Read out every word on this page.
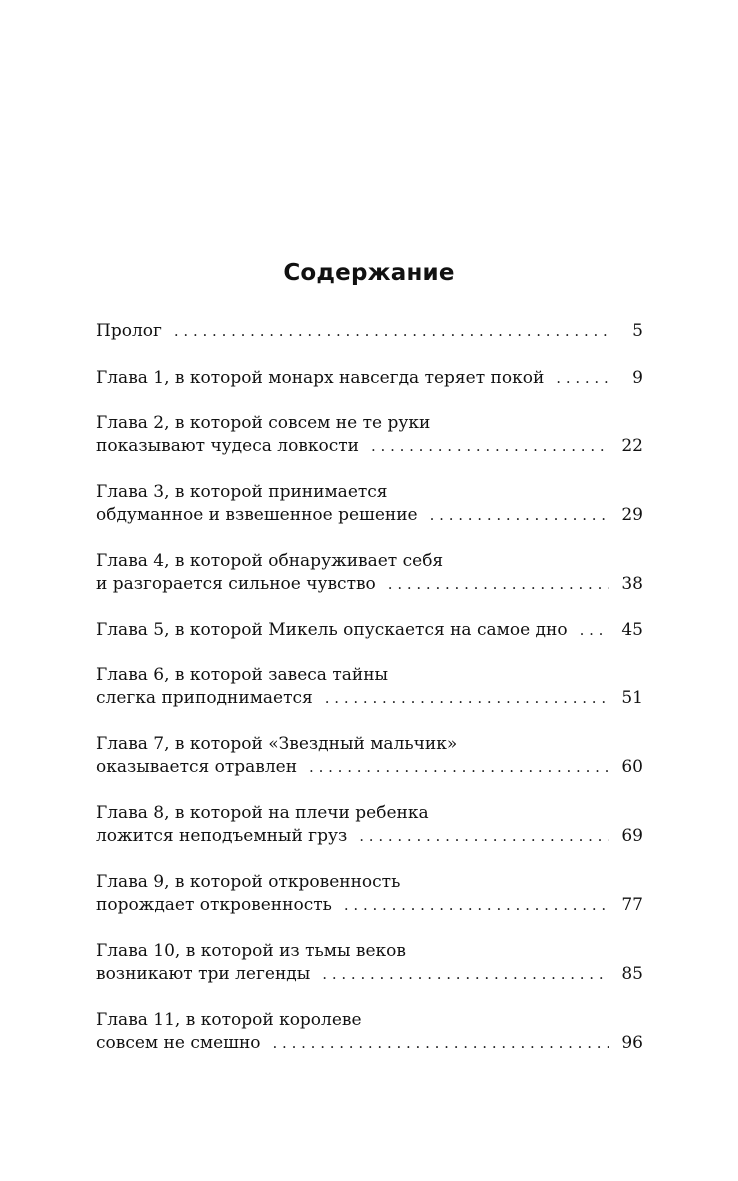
Содержание
Пролог . . .	5
Глава 1, в которой монарх навсегда теряет покой . . .	9
Глава 2, в которой совсем не те руки
показывают чудеса ловкости . . .	22
Глава 3, в которой принимается
обдуманное и взвешенное решение . . .	29
Глава 4, в которой обнаруживает себя
и разгорается сильное чувство . . .	38
Глава 5, в которой Микель опускается на самое дно . . .	45
Глава 6, в которой завеса тайны
слегка приподнимается . . .	51
Глава 7, в которой «Звездный мальчик»
оказывается отравлен . . .	60
Глава 8, в которой на плечи ребенка
ложится неподъемный груз . . .	69
Глава 9, в которой откровенность
порождает откровенность . . .	77
Глава 10, в которой из тьмы веков
возникают три легенды . . .	85
Глава 11, в которой королеве
совсем не смешно . . .	96
